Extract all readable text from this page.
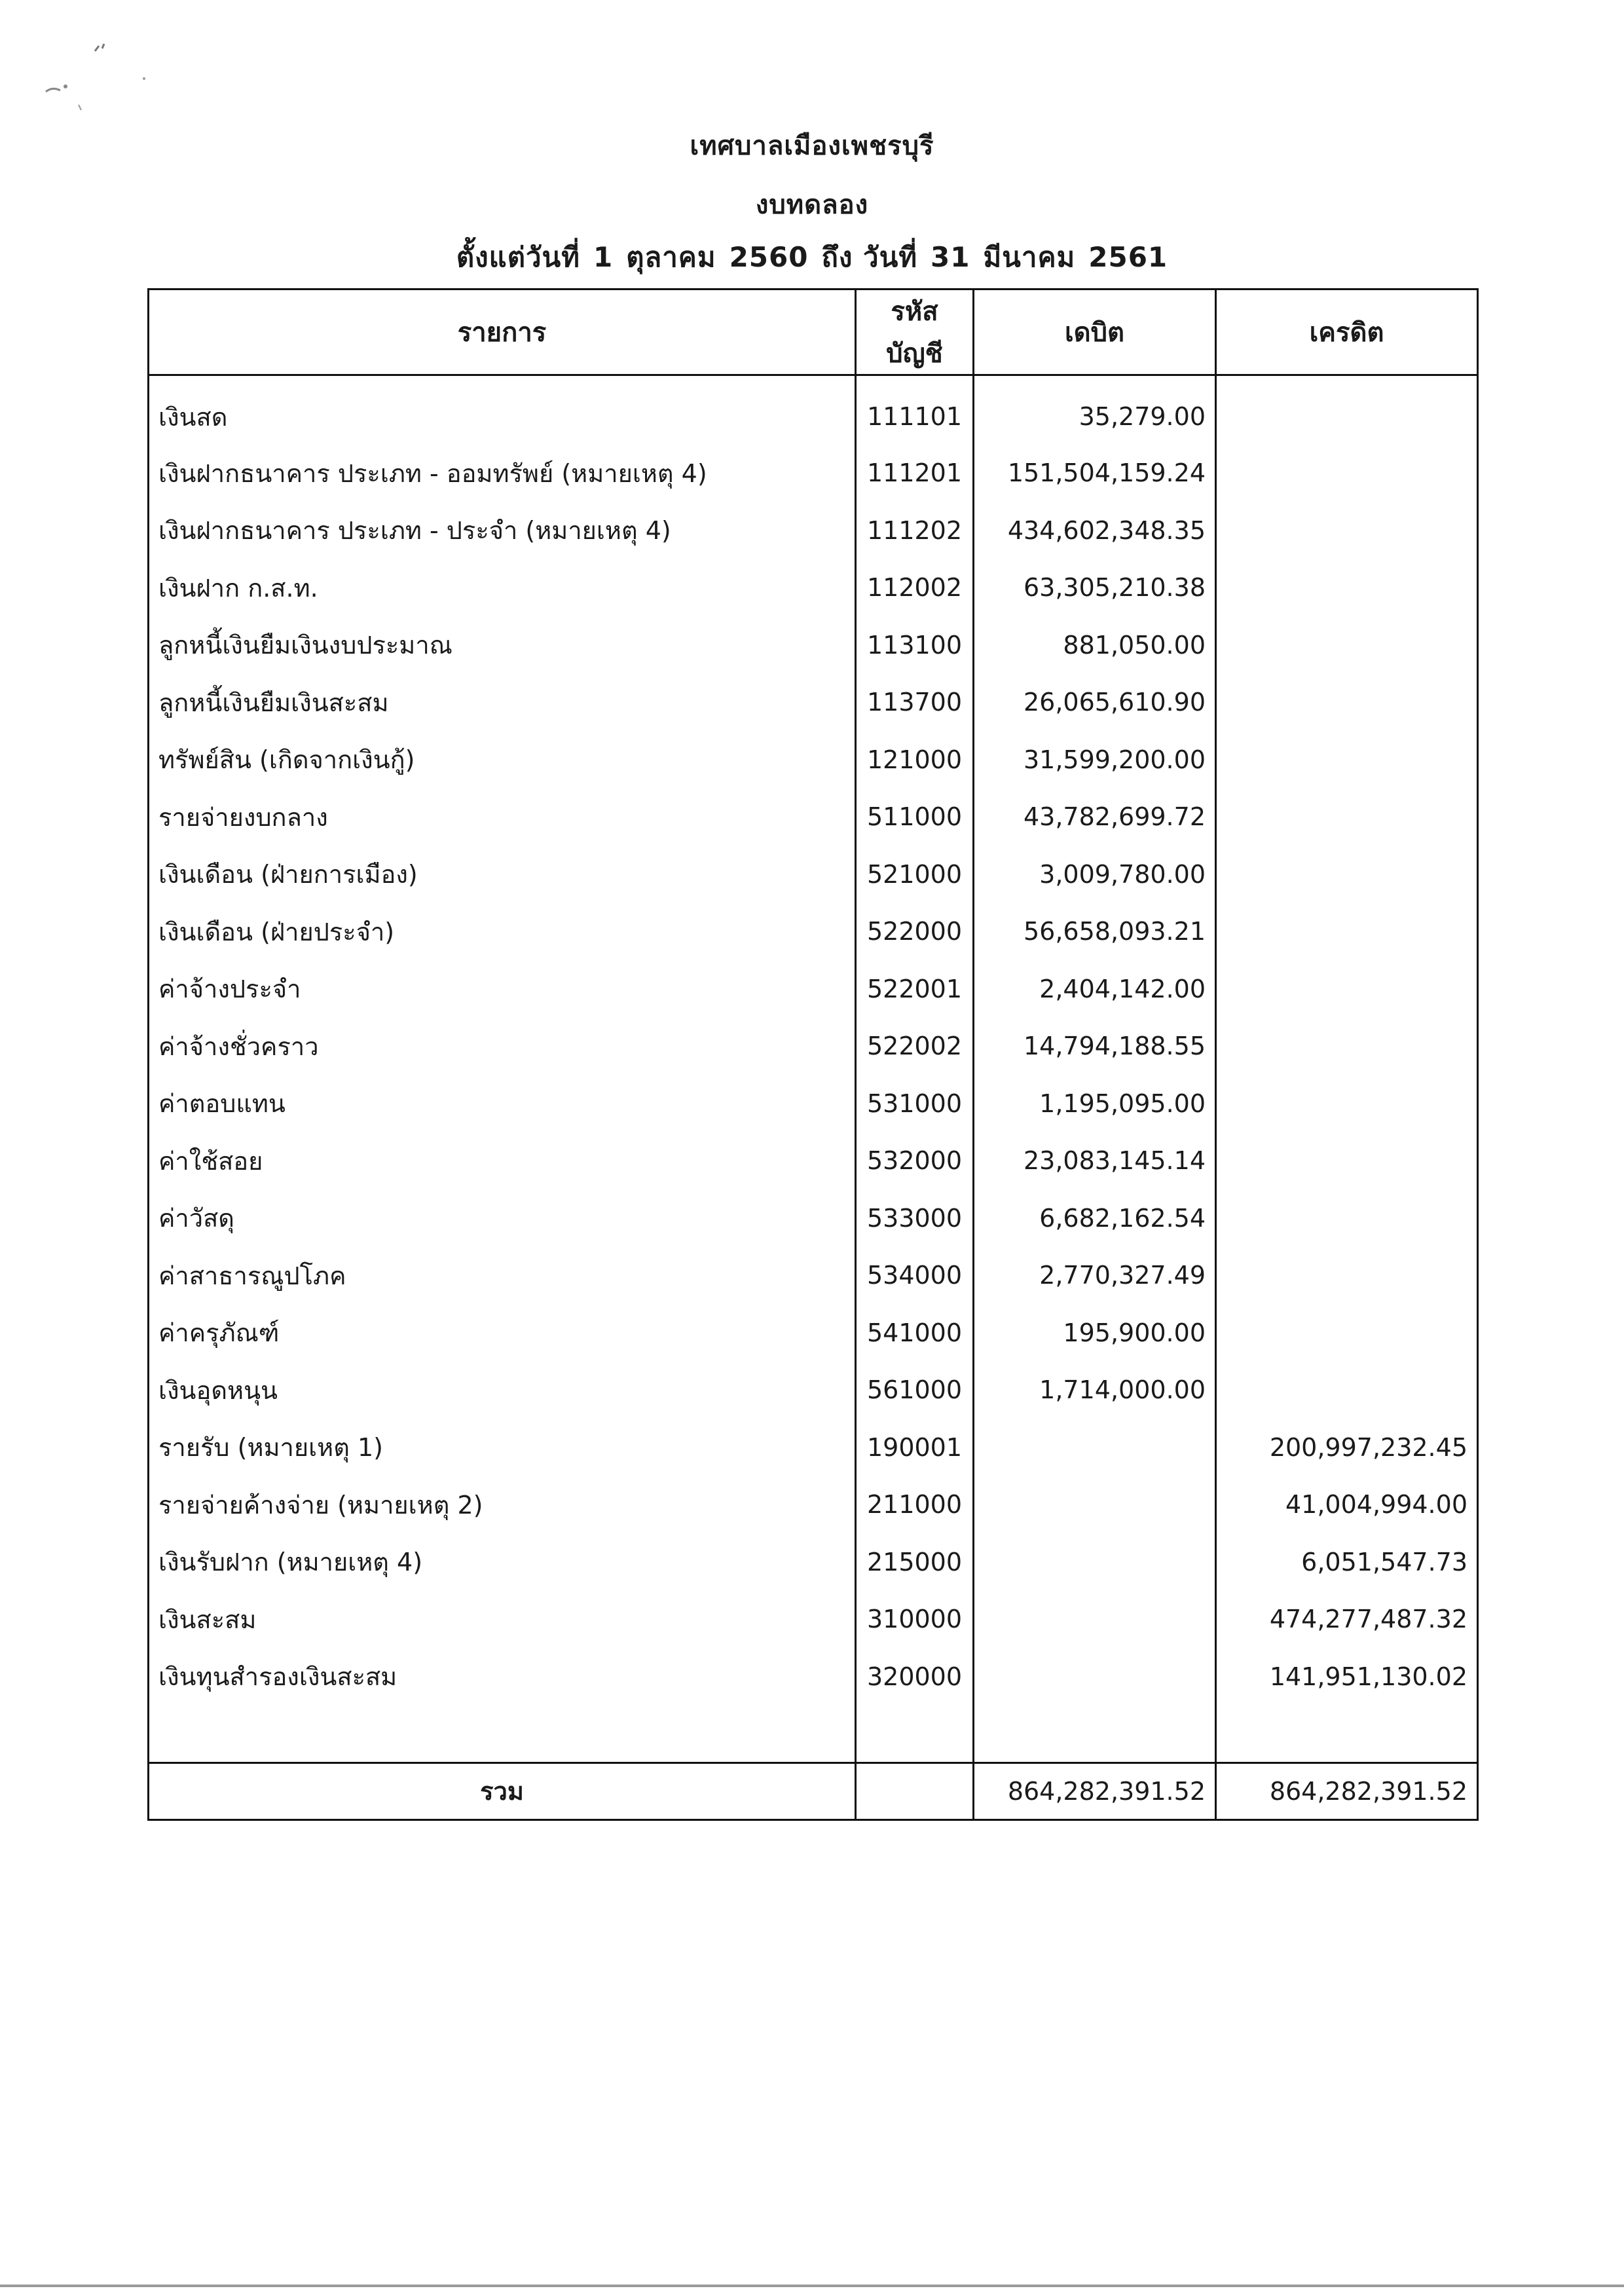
เทศบาลเมืองเพชรบุรี
งบทดลอง
ตั้งแต่วันที่ 1 ตุลาคม 2560 ถึง วันที่ 31 มีนาคม 2561
รายการ	รหัสบัญชี	เดบิต	เครดิต
เงินสด	111101	35,279.00	
เงินฝากธนาคาร ประเภท - ออมทรัพย์ (หมายเหตุ 4)	111201	151,504,159.24	
เงินฝากธนาคาร ประเภท - ประจำ (หมายเหตุ 4)	111202	434,602,348.35	
เงินฝาก ก.ส.ท.	112002	63,305,210.38	
ลูกหนี้เงินยืมเงินงบประมาณ	113100	881,050.00	
ลูกหนี้เงินยืมเงินสะสม	113700	26,065,610.90	
ทรัพย์สิน (เกิดจากเงินกู้)	121000	31,599,200.00	
รายจ่ายงบกลาง	511000	43,782,699.72	
เงินเดือน (ฝ่ายการเมือง)	521000	3,009,780.00	
เงินเดือน (ฝ่ายประจำ)	522000	56,658,093.21	
ค่าจ้างประจำ	522001	2,404,142.00	
ค่าจ้างชั่วคราว	522002	14,794,188.55	
ค่าตอบแทน	531000	1,195,095.00	
ค่าใช้สอย	532000	23,083,145.14	
ค่าวัสดุ	533000	6,682,162.54	
ค่าสาธารณูปโภค	534000	2,770,327.49	
ค่าครุภัณฑ์	541000	195,900.00	
เงินอุดหนุน	561000	1,714,000.00	
รายรับ (หมายเหตุ 1)	190001		200,997,232.45
รายจ่ายค้างจ่าย (หมายเหตุ 2)	211000		41,004,994.00
เงินรับฝาก (หมายเหตุ 4)	215000		6,051,547.73
เงินสะสม	310000		474,277,487.32
เงินทุนสำรองเงินสะสม	320000		141,951,130.02

รวม		864,282,391.52	864,282,391.52
